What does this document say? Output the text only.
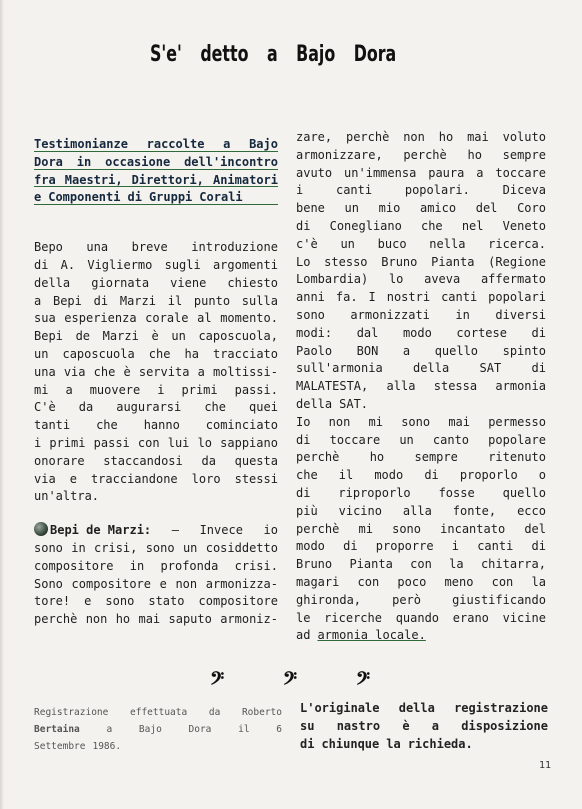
S'e' detto a Bajo Dora
Testimonianze raccolte a Bajo
Dora in occasione dell'incontro
fra Maestri, Direttori, Animatori
e Componenti di Gruppi Corali
Bepo una breve introduzione
di A. Vigliermo sugli argomenti
della giornata viene chiesto
a Bepi di Marzi il punto sulla
sua esperienza corale al momento.
Bepi de Marzi è un caposcuola,
un caposcuola che ha tracciato
una via che è servita a moltissi-
mi a muovere i primi passi.
C'è da augurarsi che quei
tanti che hanno cominciato
i primi passi con lui lo sappiano
onorare staccandosi da questa
via e tracciandone loro stessi
un'altra.
Bepi de Marzi: – Invece io
sono in crisi, sono un cosiddetto
compositore in profonda crisi.
Sono compositore e non armonizza-
tore! e sono stato compositore
perchè non ho mai saputo armoniz-
zare, perchè non ho mai voluto
armonizzare, perchè ho sempre
avuto un'immensa paura a toccare
i	canti	popolari.	Diceva
bene un mio amico del Coro
di Conegliano che nel Veneto
c'è un buco nella ricerca.
Lo stesso Bruno Pianta (Regione
Lombardia) lo aveva affermato
anni fa. I nostri canti popolari
sono armonizzati in diversi
modi: dal modo cortese di
Paolo BON a quello spinto
sull'armonia	della	SAT	di
MALATESTA, alla stessa armonia
della SAT.
Io non mi sono mai permesso
di toccare un canto popolare
perchè	ho	sempre	ritenuto
che il modo di proporlo o
di riproporlo fosse quello
più vicino alla fonte, ecco
perchè mi sono incantato del
modo di proporre i canti di
Bruno Pianta con la chitarra,
magari con poco meno con la
ghironda,	però	giustificando
le ricerche quando erano vicine
ad armonia locale.
𝄢	𝄢	𝄢
Registrazione effettuata da Roberto
Bertaina	a	Bajo	Dora	il	6
Settembre 1986.
L'originale della registrazione
su nastro è a disposizione
di chiunque la richieda.
11
